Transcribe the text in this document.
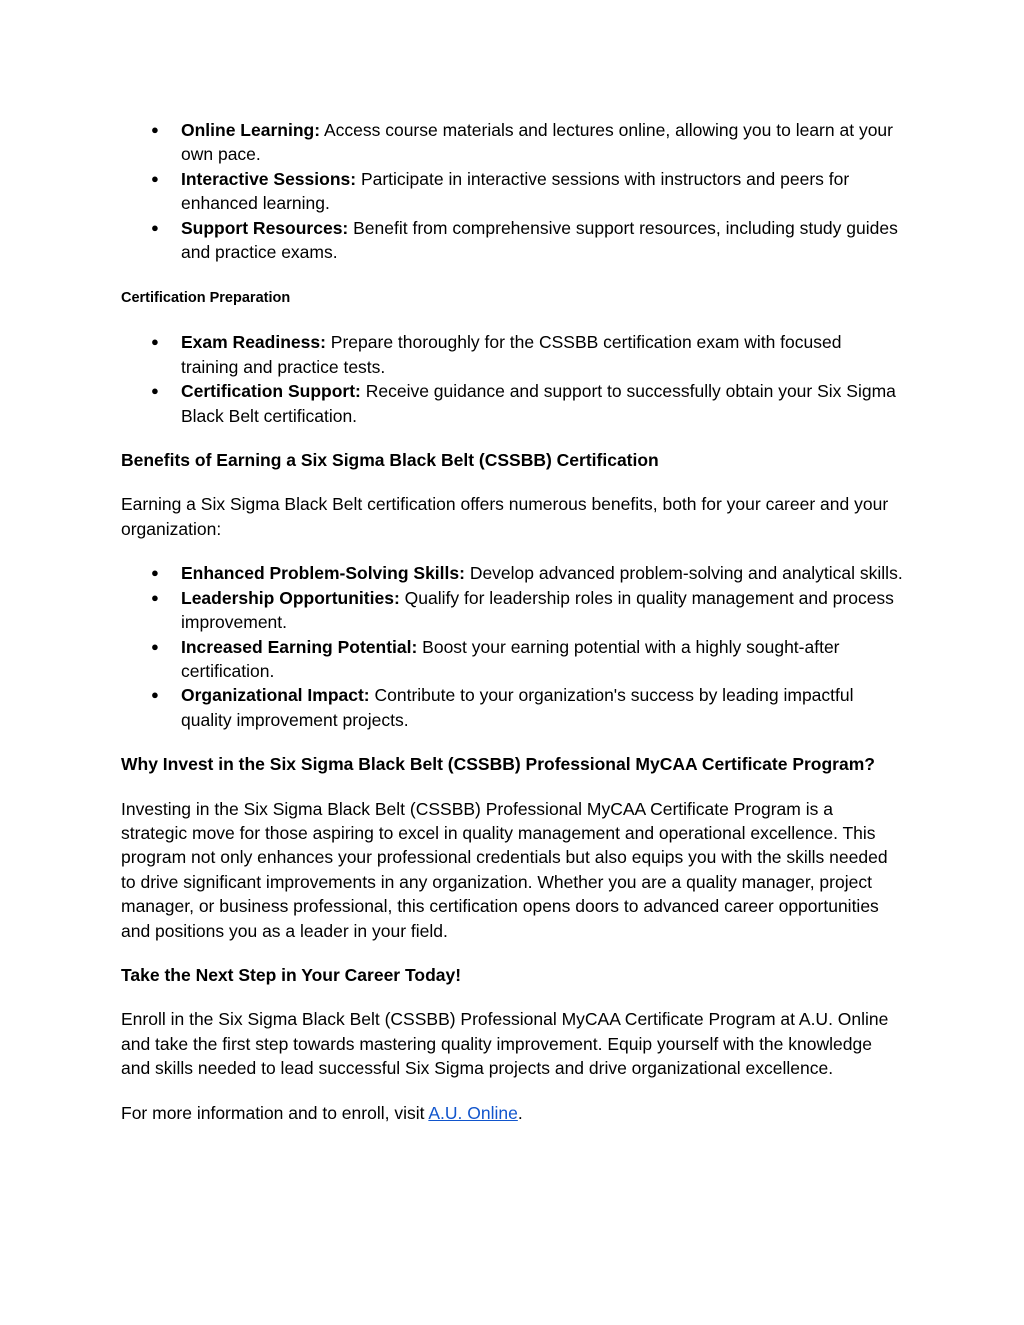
● Online Learning: Access course materials and lectures online, allowing you to learn at your own pace.
● Interactive Sessions: Participate in interactive sessions with instructors and peers for enhanced learning.
● Support Resources: Benefit from comprehensive support resources, including study guides and practice exams.

Certification Preparation

● Exam Readiness: Prepare thoroughly for the CSSBB certification exam with focused training and practice tests.
● Certification Support: Receive guidance and support to successfully obtain your Six Sigma Black Belt certification.

Benefits of Earning a Six Sigma Black Belt (CSSBB) Certification

Earning a Six Sigma Black Belt certification offers numerous benefits, both for your career and your organization:

● Enhanced Problem-Solving Skills: Develop advanced problem-solving and analytical skills.
● Leadership Opportunities: Qualify for leadership roles in quality management and process improvement.
● Increased Earning Potential: Boost your earning potential with a highly sought-after certification.
● Organizational Impact: Contribute to your organization's success by leading impactful quality improvement projects.

Why Invest in the Six Sigma Black Belt (CSSBB) Professional MyCAA Certificate Program?

Investing in the Six Sigma Black Belt (CSSBB) Professional MyCAA Certificate Program is a strategic move for those aspiring to excel in quality management and operational excellence. This program not only enhances your professional credentials but also equips you with the skills needed to drive significant improvements in any organization. Whether you are a quality manager, project manager, or business professional, this certification opens doors to advanced career opportunities and positions you as a leader in your field.

Take the Next Step in Your Career Today!

Enroll in the Six Sigma Black Belt (CSSBB) Professional MyCAA Certificate Program at A.U. Online and take the first step towards mastering quality improvement. Equip yourself with the knowledge and skills needed to lead successful Six Sigma projects and drive organizational excellence.

For more information and to enroll, visit A.U. Online.
